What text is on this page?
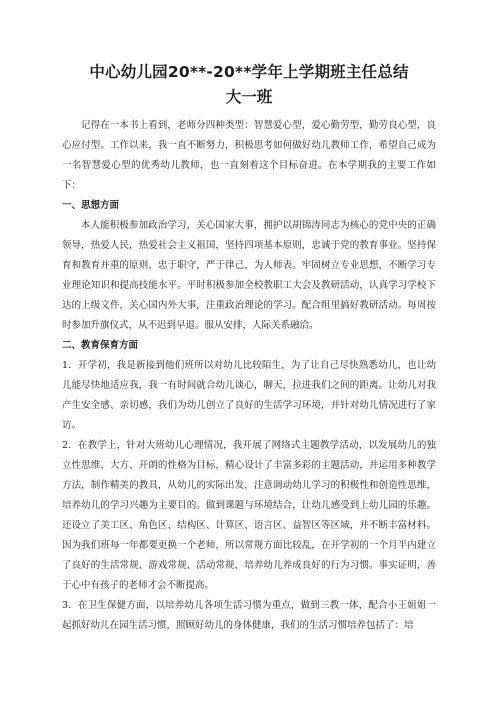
中心幼儿园20**-20**学年上学期班主任总结
大一班

记得在一本书上看到，老师分四种类型：智慧爱心型，爱心勤劳型，勤劳良心型，良心应付型。工作以来，我一直不断努力，积极思考如何做好幼儿教师工作，希望自己成为一名智慧爱心型的优秀幼儿教师，也一直刻着这个目标奋进。在本学期我的主要工作如下：

一、思想方面

本人能积极参加政治学习，关心国家大事，拥护以胡锦涛同志为核心的党中央的正确领导，热爱人民，热爱社会主义祖国，坚持四项基本原则，忠诚于党的教育事业。坚持保育和教育并重的原则，忠于职守，严于律己，为人师表。牢固树立专业思想，不断学习专业理论知识和提高技能水平。平时积极参加全校教职工大会及教研活动，认真学习学校下达的上级文件，关心国内外大事，注重政治理论的学习。配合组里搞好教研活动。每周按时参加升旗仪式，从不迟到早退。服从安排，人际关系融洽。

二、教育保育方面

1．开学初，我是新接到他们班所以对幼儿比较陌生，为了让自己尽快熟悉幼儿，也让幼儿能尽快地适应我，我一有时间就合幼儿谈心，聊天，拉进我们之间的距离。让幼儿对我产生安全感、亲切感，我们为幼儿创立了良好的生活学习环境，并针对幼儿情况进行了家访。

2．在教学上，针对大班幼儿心理情况，我开展了网络式主题教学活动，以发展幼儿的独立性思维、大方、开朗的性格为目标，精心设计了丰富多彩的主题活动，并运用多种教学方法，制作精美的教具，从幼儿的实际出发，注意调动幼儿学习的积极性和创造性思维，培养幼儿的学习兴趣为主要目的。做到课题与环境结合，让幼儿感受到上幼儿园的乐趣。还设立了美工区、角色区、结构区、计算区、语言区、益智区等区域，并不断丰富材料。因为我们班每一年都要更换一个老师，所以常规方面比较乱，在开学初的一个月半内建立了良好的生活常规、游戏常规、活动常规，培养幼儿养成良好的行为习惯。事实证明，善于心中有孩子的老师才会不断提高。

3．在卫生保健方面，以培养幼儿各项生活习惯为重点，做到三教一体，配合小王姐姐一起抓好幼儿在园生活习惯，照顾好幼儿的身体健康，我们的生活习惯培养包括了：培
